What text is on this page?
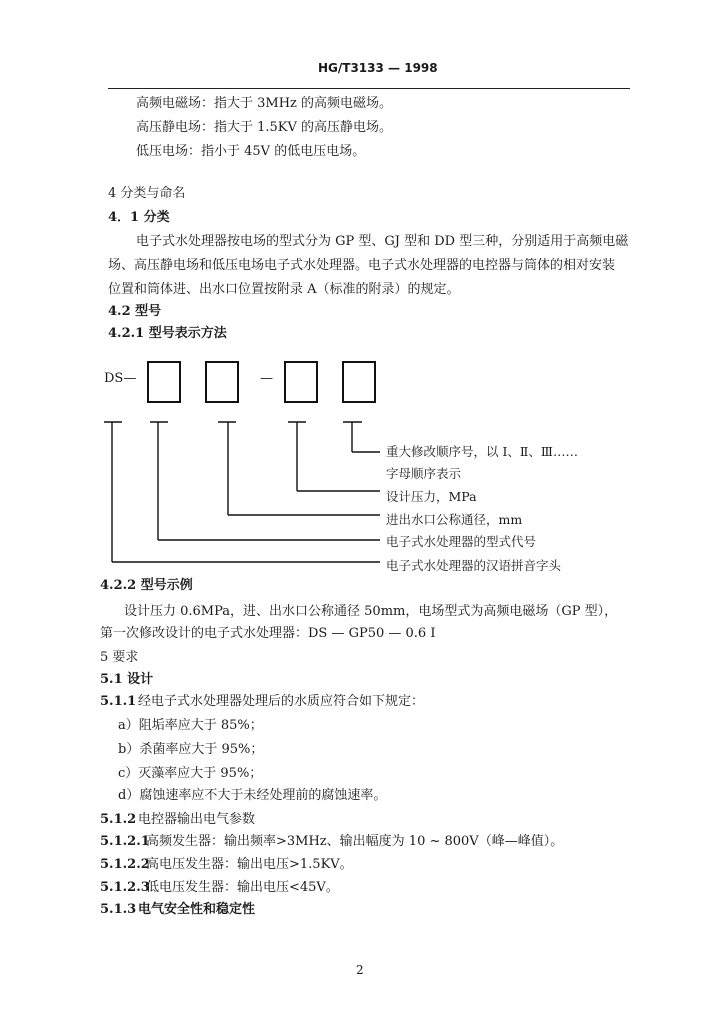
HG/T3133 — 1998
高频电磁场：指大于 3MHz 的高频电磁场。
高压静电场：指大于 1.5KV 的高压静电场。
低压电场：指小于 45V 的低电压电场。
4 分类与命名
4．1 分类
电子式水处理器按电场的型式分为 GP 型、GJ 型和 DD 型三种，分别适用于高频电磁
场、高压静电场和低压电场电子式水处理器。电子式水处理器的电控器与筒体的相对安装
位置和筒体进、出水口位置按附录 A（标准的附录）的规定。
4.2 型号
4.2.1 型号表示方法
DS—	—
重大修改顺序号，以 Ⅰ、Ⅱ、Ⅲ……
字母顺序表示
设计压力，MPa
进出水口公称通径，mm
电子式水处理器的型式代号
电子式水处理器的汉语拼音字头
4.2.2 型号示例
设计压力 0.6MPa，进、出水口公称通径 50mm，电场型式为高频电磁场（GP 型），
第一次修改设计的电子式水处理器：DS — GP50 — 0.6 Ⅰ
5 要求
5.1 设计
5.1.1 经电子式水处理器处理后的水质应符合如下规定：
a）阻垢率应大于 85%；
b）杀菌率应大于 95%；
c）灭藻率应大于 95%；
d）腐蚀速率应不大于未经处理前的腐蚀速率。
5.1.2 电控器输出电气参数
5.1.2.1
高频发生器：输出频率>3MHz、输出幅度为 10 ~ 800V（峰—峰值）。
5.1.2.2
高电压发生器：输出电压>1.5KV。
5.1.2.3
低电压发生器：输出电压<45V。
5.1.3 电气安全性和稳定性
2
